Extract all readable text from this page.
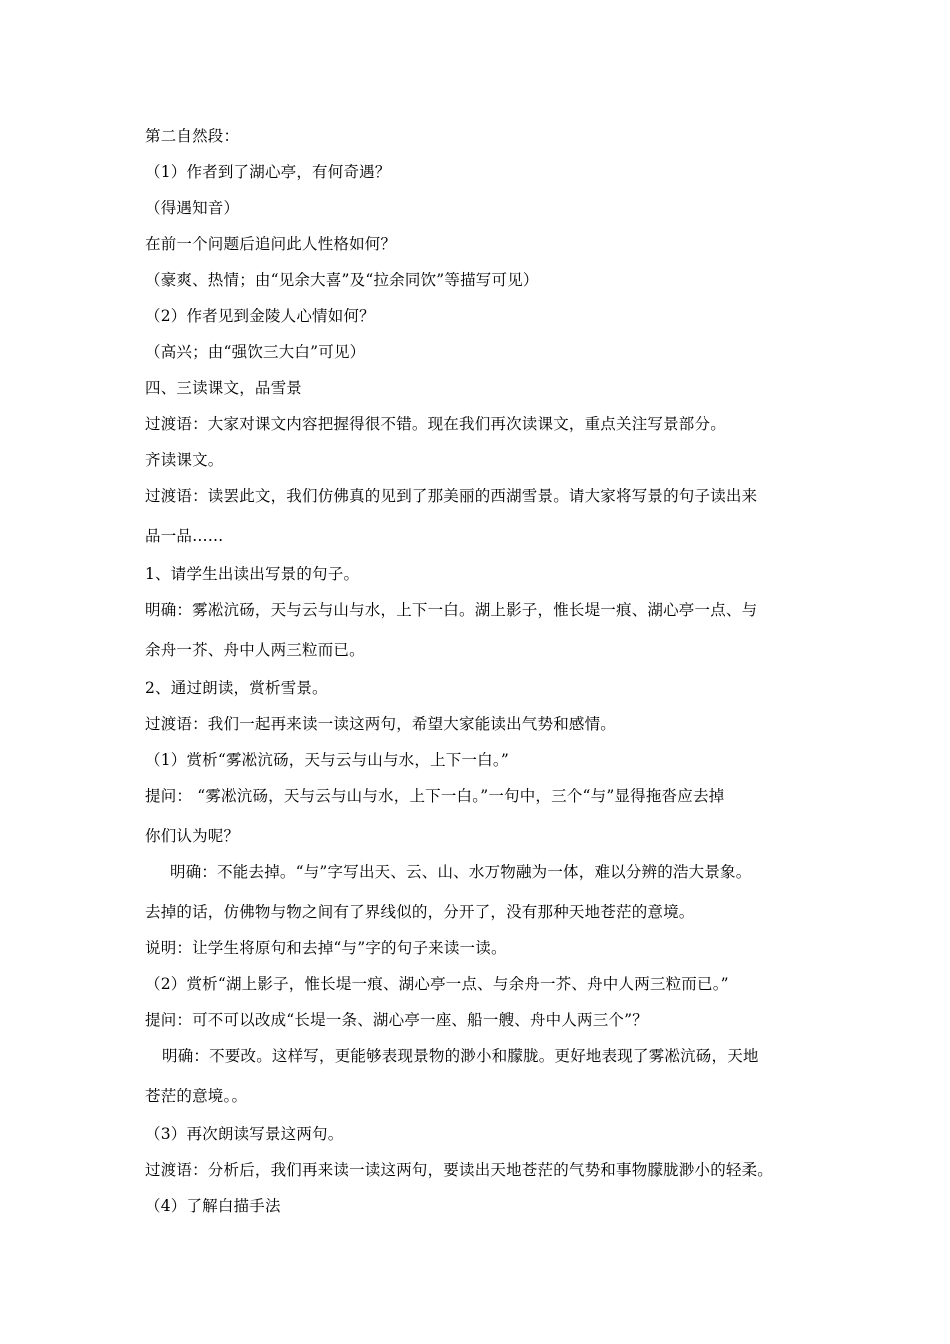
第二自然段：
（1）作者到了湖心亭，有何奇遇？
（得遇知音）
在前一个问题后追问此人性格如何？
（豪爽、热情；由“见余大喜”及“拉余同饮”等描写可见）
（2）作者见到金陵人心情如何？
（高兴；由“强饮三大白”可见）
四、三读课文，品雪景
过渡语：大家对课文内容把握得很不错。现在我们再次读课文，重点关注写景部分。
齐读课文。
过渡语：读罢此文，我们仿佛真的见到了那美丽的西湖雪景。请大家将写景的句子读出来
品一品……
1、请学生出读出写景的句子。
明确：雾凇沆砀，天与云与山与水，上下一白。湖上影子，惟长堤一痕、湖心亭一点、与
余舟一芥、舟中人两三粒而已。
2、通过朗读，赏析雪景。
过渡语：我们一起再来读一读这两句，希望大家能读出气势和感情。
（1）赏析“雾凇沆砀，天与云与山与水，上下一白。”
提问： “雾凇沆砀，天与云与山与水，上下一白。”一句中，三个“与”显得拖沓应去掉
你们认为呢？
明确：不能去掉。“与”字写出天、云、山、水万物融为一体，难以分辨的浩大景象。
去掉的话，仿佛物与物之间有了界线似的，分开了，没有那种天地苍茫的意境。
说明：让学生将原句和去掉“与”字的句子来读一读。
（2）赏析“湖上影子，惟长堤一痕、湖心亭一点、与余舟一芥、舟中人两三粒而已。”
提问：可不可以改成“长堤一条、湖心亭一座、船一艘、舟中人两三个”？
明确：不要改。这样写，更能够表现景物的渺小和朦胧。更好地表现了雾凇沆砀，天地
苍茫的意境。。
（3）再次朗读写景这两句。
过渡语：分析后，我们再来读一读这两句，要读出天地苍茫的气势和事物朦胧渺小的轻柔。
（4）了解白描手法
